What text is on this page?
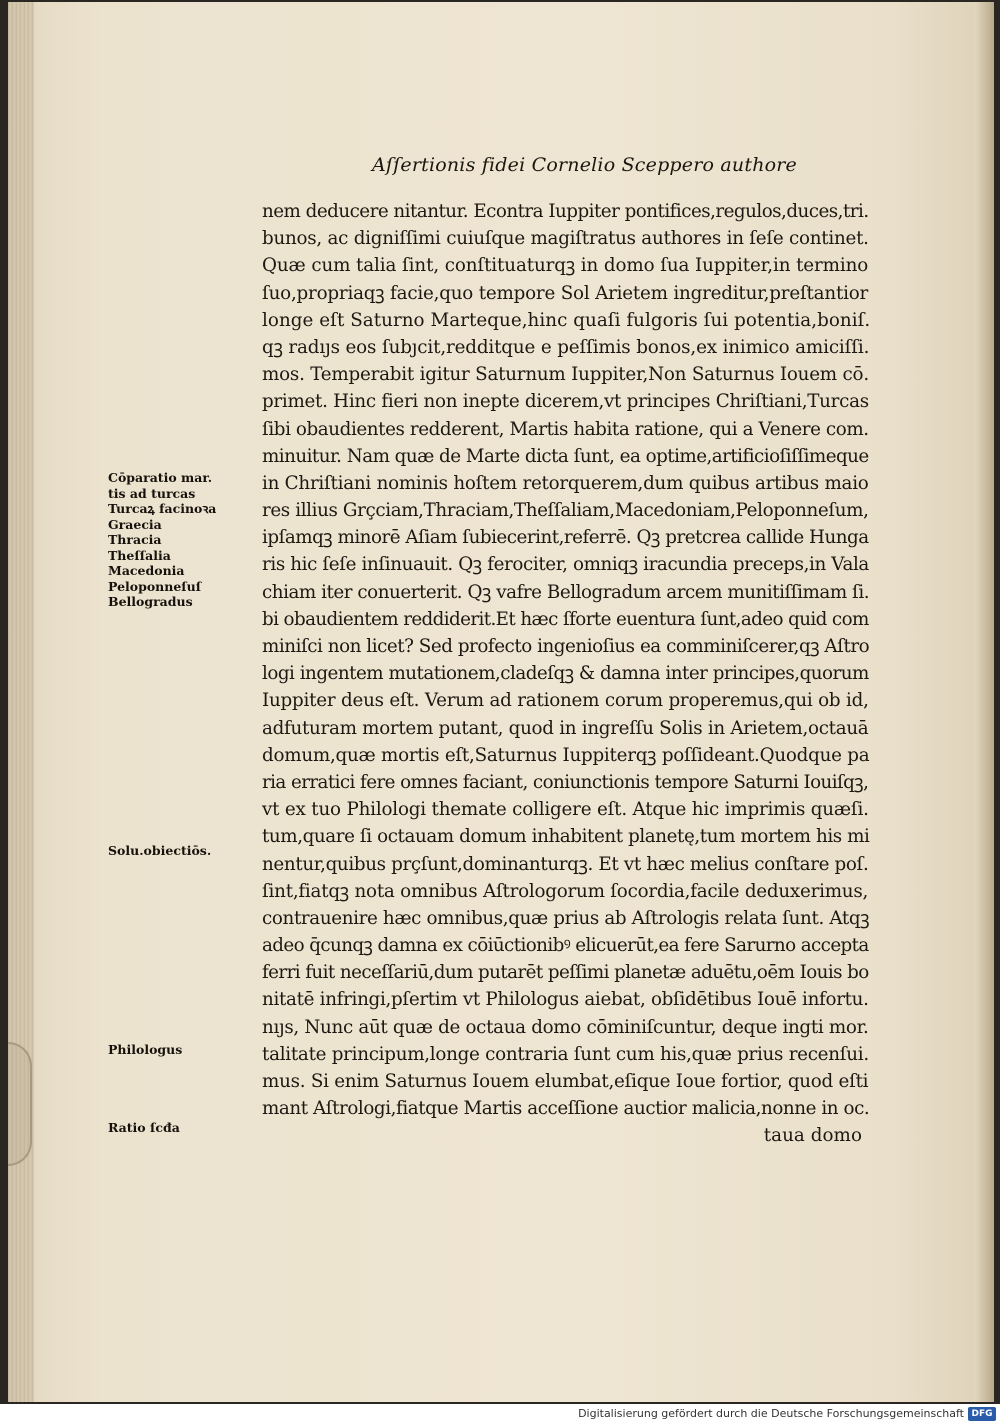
Aſſertionis fidei Cornelio Sceppero authore
nem deducere nitantur. Econtra Iuppiter pontifices,regulos,duces,tri.
bunos, ac digniſſimi cuiuſque magiſtratus authores in ſeſe continet.
Quæ cum talia ſint, conſtituaturqꝫ in domo ſua Iuppiter,in termino
ſuo,propriaqꝫ facie,quo tempore Sol Arietem ingreditur,preſtantior
longe eſt Saturno Marteque,hinc quaſi fulgoris ſui potentia,boniſ.
qꝫ radıȷs eos ſubȷcit,redditque e peſſimis bonos,ex inimico amiciſſi.
mos. Temperabit igitur Saturnum Iuppiter,Non Saturnus Iouem cō.
primet. Hinc fieri non inepte dicerem,vt principes Chriſtiani,Turcas
ſibi obaudientes redderent, Martis habita ratione, qui a Venere com.
minuitur. Nam quæ de Marte dicta ſunt, ea optime,artificioſiſſimeque
in Chriſtiani nominis hoſtem retorquerem,dum quibus artibus maio
res illius Grçciam,Thraciam,Theſſaliam,Macedoniam,Peloponneſum,
ipſamqꝫ minorē Aſiam ſubiecerint,referrē. Qꝫ pretcrea callide Hunga
ris hic ſeſe inſinuauit. Qꝫ ferociter, omniqꝫ iracundia preceps,in Vala
chiam iter conuerterit. Qꝫ vafre Bellogradum arcem munitiſſimam ſi.
bi obaudientem reddiderit.Et hæc ſforte euentura ſunt,adeo quid com
miniſci non licet? Sed profecto ingenioſius ea comminiſcerer,qꝫ Aſtro
logi ingentem mutationem,cladeſqꝫ & damna inter principes,quorum
Iuppiter deus eſt. Verum ad rationem corum properemus,qui ob id,
adfuturam mortem putant, quod in ingreſſu Solis in Arietem,octauā
domum,quæ mortis eſt,Saturnus Iuppiterqꝫ poſſideant.Quodque pa
ria erratici fere omnes faciant, coniunctionis tempore Saturni Iouiſqꝫ,
vt ex tuo Philologi themate colligere eſt. Atque hic imprimis quæſi.
tum,quare ſi octauam domum inhabitent planetę,tum mortem his mi
nentur,quibus prçſunt,dominanturqꝫ. Et vt hæc melius conſtare poſ.
ſint,fiatqꝫ nota omnibus Aſtrologorum ſocordia,facile deduxerimus,
contrauenire hæc omnibus,quæ prius ab Aſtrologis relata ſunt. Atqꝫ
adeo q̄cunqꝫ damna ex cōiūctionibꝰ elicuerūt,ea fere Sarurno accepta
ferri fuit neceſſariū,dum putarēt peſſimi planetæ aduētu,oēm Iouis bo
nitatē infringi,pſertim vt Philologus aiebat, obſidētibus Iouē infortu.
nıȷs, Nunc aūt quæ de octaua domo cōminiſcuntur, deque ingti mor.
talitate principum,longe contraria ſunt cum his,quæ prius recenſui.
mus. Si enim Saturnus Iouem elumbat,eſique Ioue fortior, quod eſti
mant Aſtrologi,fiatque Martis acceſſione auctior malicia,nonne in oc.
taua domo
Cōparatio mar.
tis ad turcas
Turcaꝝ facinoꝛa
Graecia
Thracia
Theſſalia
Macedonia
Peloponneſuſ
Bellogradus
Solu.obiectiōs.
Philologus
Ratio ſcđa
Digitalisierung gefördert durch die Deutsche Forschungsgemeinschaft DFG
